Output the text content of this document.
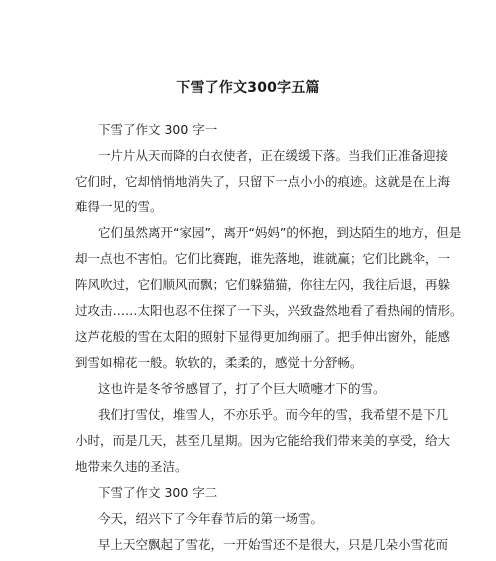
下雪了作文300字五篇
下雪了作文 300 字一
一片片从天而降的白衣使者，正在缓缓下落。当我们正准备迎接
它们时，它却悄悄地消失了，只留下一点小小的痕迹。这就是在上海
难得一见的雪。
它们虽然离开“家园”，离开“妈妈”的怀抱，到达陌生的地方，但是
却一点也不害怕。它们比赛跑，谁先落地，谁就赢；它们比跳伞，一
阵风吹过，它们顺风而飘；它们躲猫猫，你往左闪，我往后退，再躲
过攻击……太阳也忍不住探了一下头，兴致盎然地看了看热闹的情形。
这芦花般的雪在太阳的照射下显得更加绚丽了。把手伸出窗外，能感
到雪如棉花一般。软软的，柔柔的，感觉十分舒畅。
这也许是冬爷爷感冒了，打了个巨大喷嚏才下的雪。
我们打雪仗，堆雪人，不亦乐乎。而今年的雪，我希望不是下几
小时，而是几天，甚至几星期。因为它能给我们带来美的享受，给大
地带来久违的圣洁。
下雪了作文 300 字二
今天，绍兴下了今年春节后的第一场雪。
早上天空飘起了雪花，一开始雪还不是很大，只是几朵小雪花而
